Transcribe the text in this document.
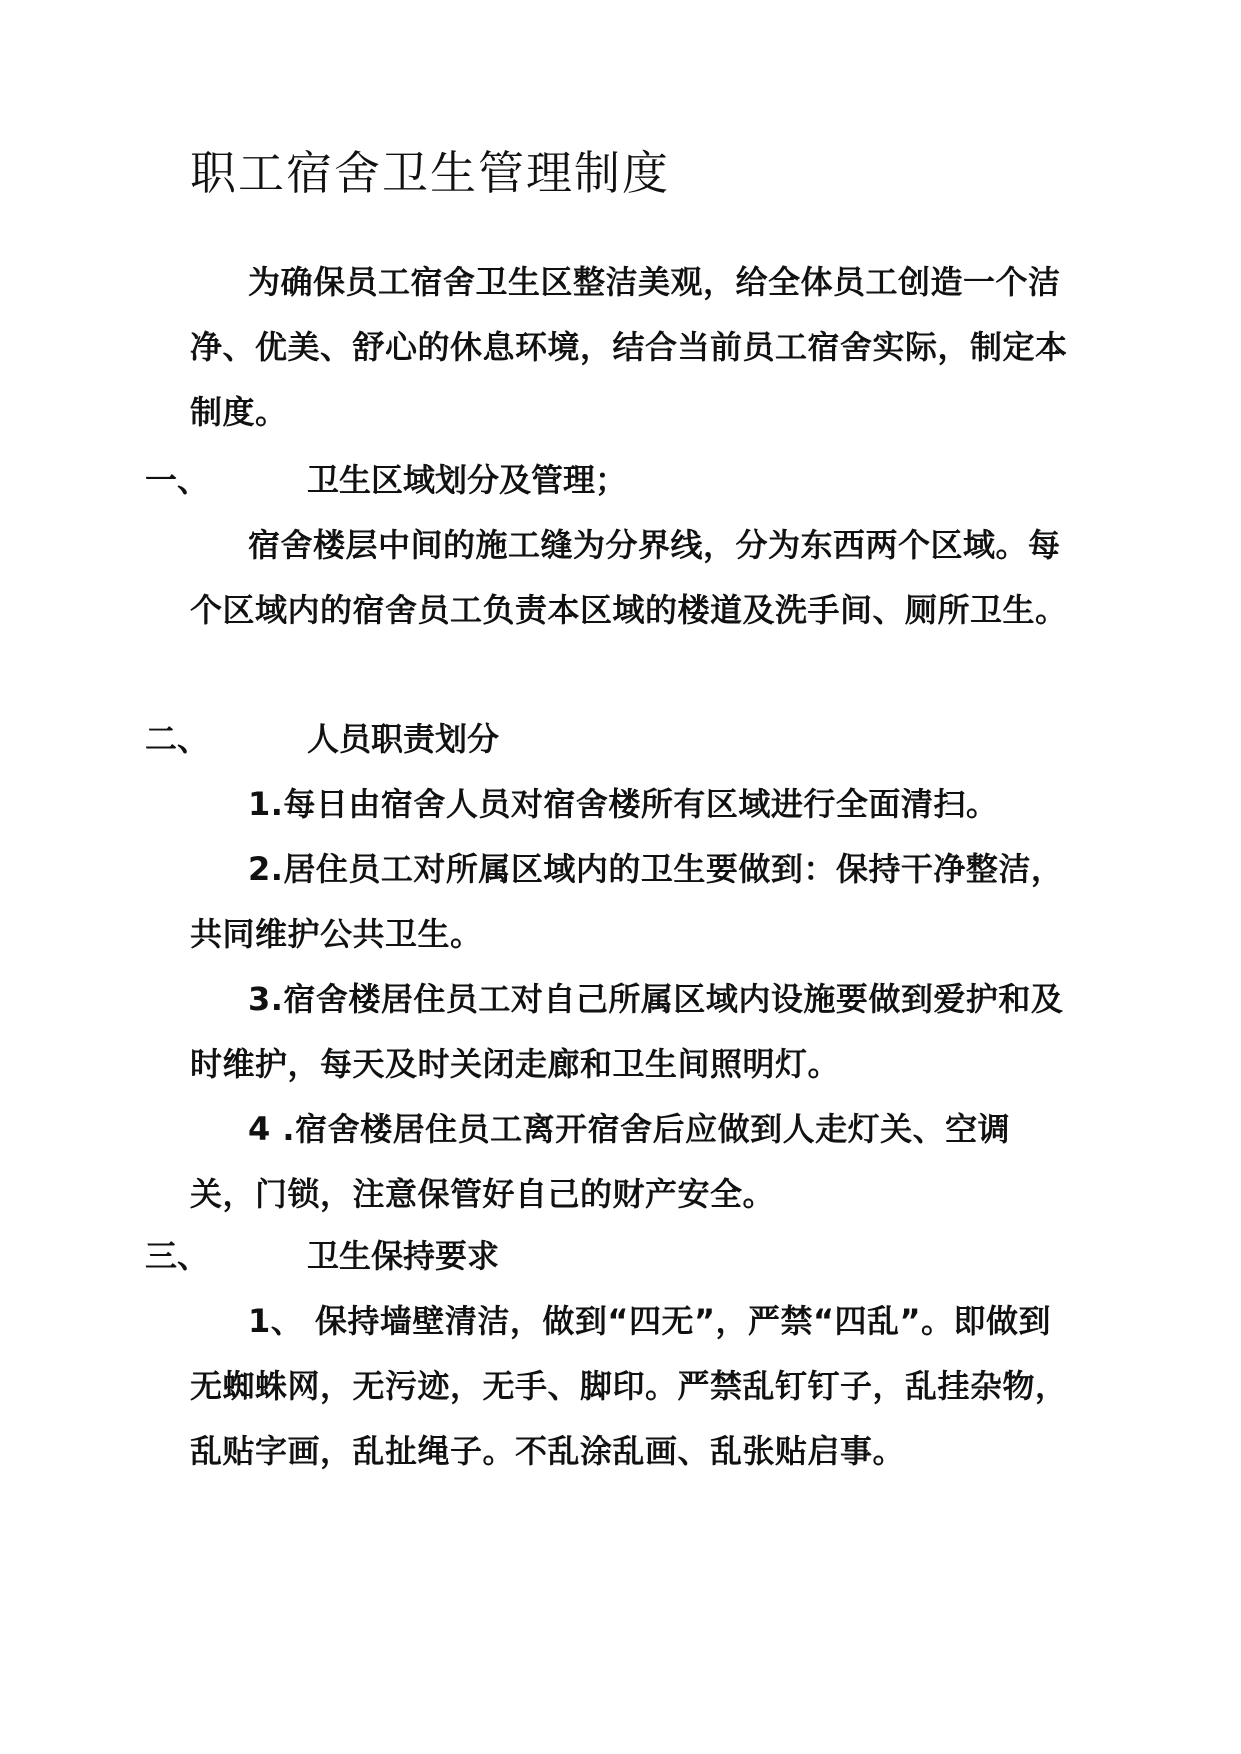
职工宿舍卫生管理制度

为确保员工宿舍卫生区整洁美观，给全体员工创造一个洁净、优美、舒心的休息环境，结合当前员工宿舍实际，制定本制度。

一、	卫生区域划分及管理；

宿舍楼层中间的施工缝为分界线，分为东西两个区域。每个区域内的宿舍员工负责本区域的楼道及洗手间、厕所卫生。

二、	人员职责划分

1.每日由宿舍人员对宿舍楼所有区域进行全面清扫。

2.居住员工对所属区域内的卫生要做到：保持干净整洁，共同维护公共卫生。

3.宿舍楼居住员工对自己所属区域内设施要做到爱护和及时维护，每天及时关闭走廊和卫生间照明灯。

4 .宿舍楼居住员工离开宿舍后应做到人走灯关、空调关，门锁，注意保管好自己的财产安全。

三、	卫生保持要求

1、 保持墙壁清洁，做到“四无”，严禁“四乱”。即做到无蜘蛛网，无污迹，无手、脚印。严禁乱钉钉子，乱挂杂物，乱贴字画，乱扯绳子。不乱涂乱画、乱张贴启事。
